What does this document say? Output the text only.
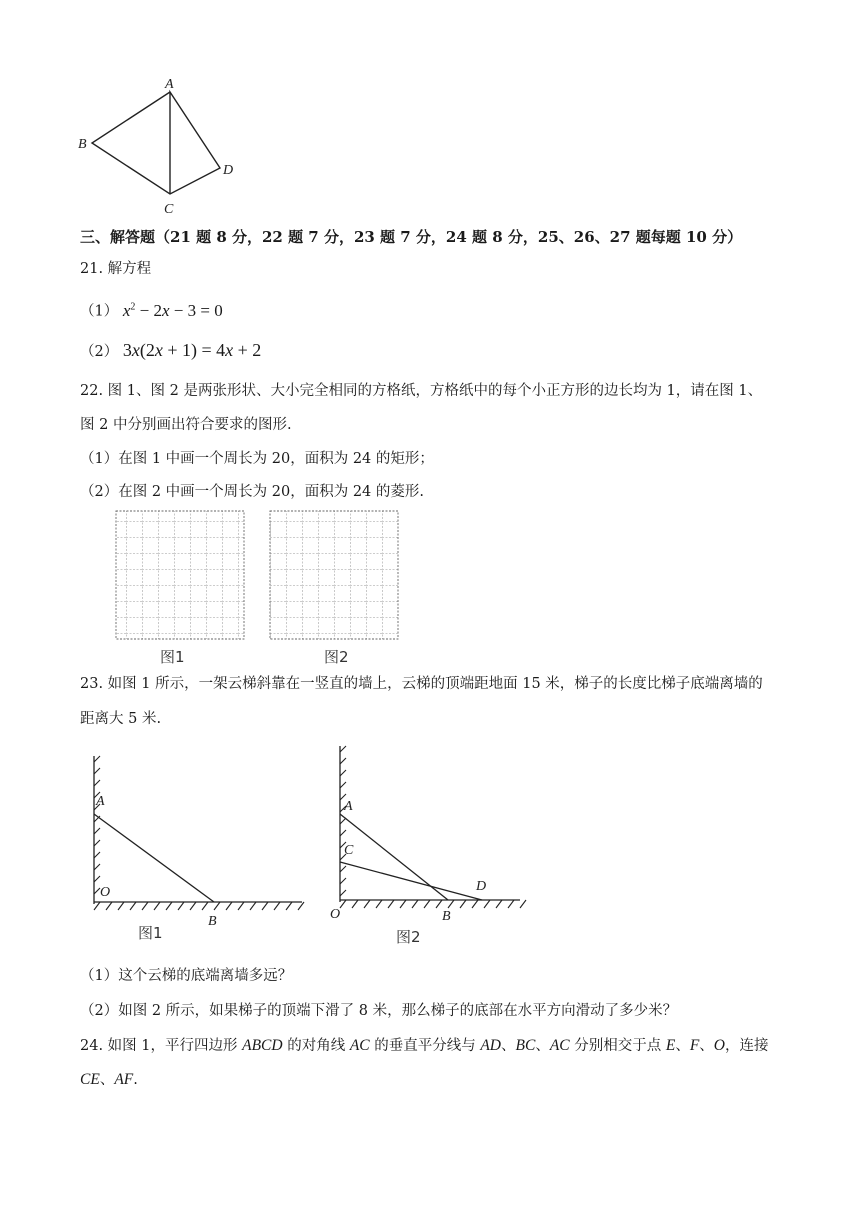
A
B
C
D
三、解答题（21 题 8 分，22 题 7 分，23 题 7 分，24 题 8 分，25、26、27 题每题 10 分）
21. 解方程
（1） $x^2 - 2x - 3 = 0$
（2） 3x(2x + 1) = 4x + 2
22. 图 1、图 2 是两张形状、大小完全相同的方格纸，方格纸中的每个小正方形的边长均为 1，请在图 1、
图 2 中分别画出符合要求的图形.
（1）在图 1 中画一个周长为 20，面积为 24 的矩形；
（2）在图 2 中画一个周长为 20，面积为 24 的菱形.
图1	图2
23. 如图 1 所示，一架云梯斜靠在一竖直的墙上，云梯的顶端距地面 15 米，梯子的长度比梯子底端离墙的
距离大 5 米.
A
O
B
图1
A
C
O	B
D
图2
（1）这个云梯的底端离墙多远？
（2）如图 2 所示，如果梯子的顶端下滑了 8 米，那么梯子的底部在水平方向滑动了多少米？
24. 如图 1，平行四边形 ABCD 的对角线 AC 的垂直平分线与 AD、BC、AC 分别相交于点 E、F、O，连接
CE、AF.
